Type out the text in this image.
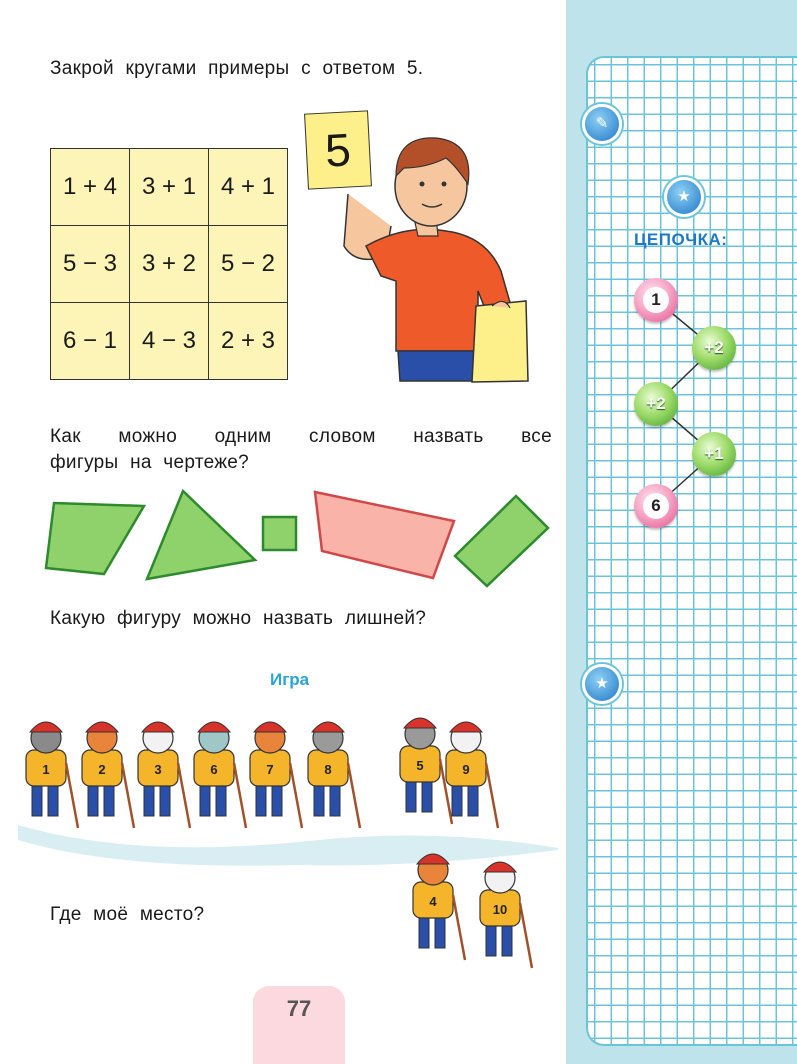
Закрой кругами примеры с ответом 5.
1 + 4	3 + 1	4 + 1
5 − 3	3 + 2	5 − 2
6 − 1	4 − 3	2 + 3
5
Как можно одним словом назвать все
фигуры на чертеже?
Какую фигуру можно назвать лишней?
Игра
1	2	3	6	7	8	5	9
4
10
Где моё место?
77
✎
★
ЦЕПОЧКА:
1
+2
+2
+1
6
★
